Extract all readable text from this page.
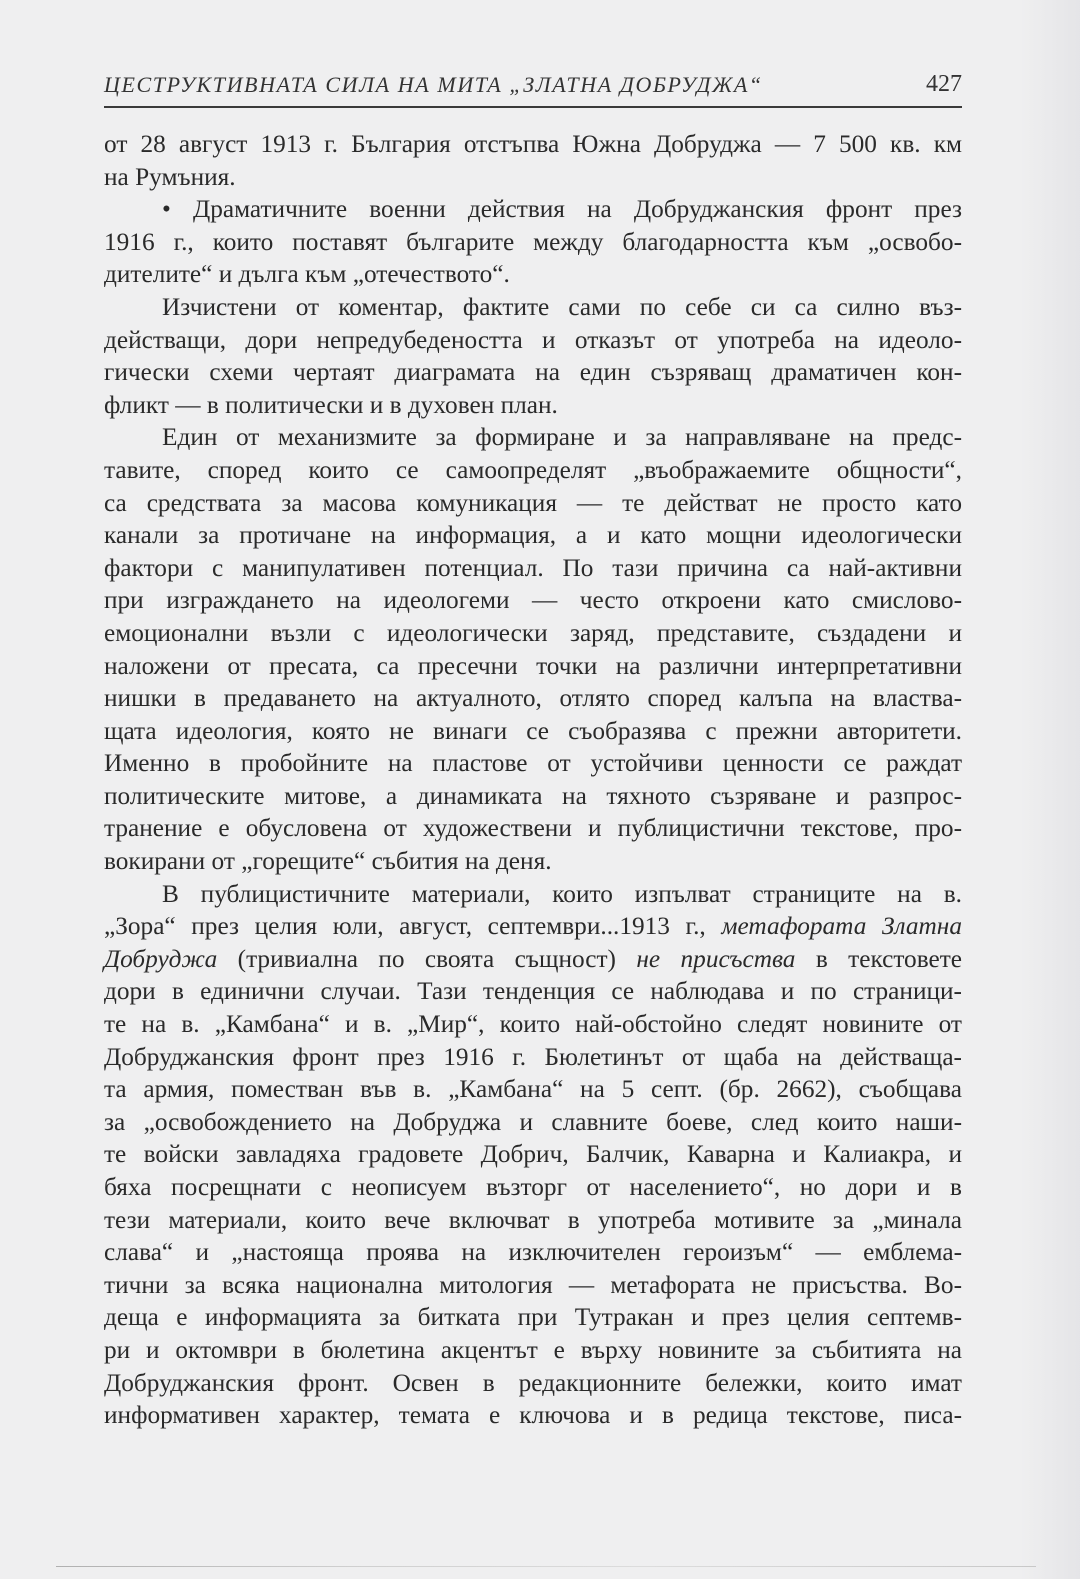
ЦЕСТРУКТИВНАТА СИЛА НА МИТА „ЗЛАТНА ДОБРУДЖА“	427
от 28 август 1913 г. България отстъпва Южна Добруджа — 7 500 кв. км
на Румъния.
• Драматичните военни действия на Добруджанския фронт през
1916 г., които поставят българите между благодарността към „освобо-
дителите“ и дълга към „отечеството“.
Изчистени от коментар, фактите сами по себе си са силно въз-
действащи, дори непредубедеността и отказът от употреба на идеоло-
гически схеми чертаят диаграмата на един съзряващ драматичен кон-
фликт — в политически и в духовен план.
Един от механизмите за формиране и за направляване на предс-
тавите, според които се самоопределят „въображаемите общности“,
са средствата за масова комуникация — те действат не просто като
канали за протичане на информация, а и като мощни идеологически
фактори с манипулативен потенциал. По тази причина са най-активни
при изграждането на идеологеми — често откроени като смислово-
емоционални възли с идеологически заряд, представите, създадени и
наложени от пресата, са пресечни точки на различни интерпретативни
нишки в предаването на актуалното, отлято според калъпа на властва-
щата идеология, която не винаги се съобразява с прежни авторитети.
Именно в пробойните на пластове от устойчиви ценности се раждат
политическите митове, а динамиката на тяхното съзряване и разпрос-
транение е обусловена от художествени и публицистични текстове, про-
вокирани от „горещите“ събития на деня.
В публицистичните материали, които изпълват страниците на в.
„Зора“ през целия юли, август, септември...1913 г., метафората Златна
Добруджа (тривиална по своята същност) не присъства в текстовете
дори в единични случаи. Тази тенденция се наблюдава и по страници-
те на в. „Камбана“ и в. „Мир“, които най-обстойно следят новините от
Добруджанския фронт през 1916 г. Бюлетинът от щаба на действаща-
та армия, поместван във в. „Камбана“ на 5 септ. (бр. 2662), съобщава
за „освобождението на Добруджа и славните боеве, след които наши-
те войски завладяха градовете Добрич, Балчик, Каварна и Калиакра, и
бяха посрещнати с неописуем възторг от населението“, но дори и в
тези материали, които вече включват в употреба мотивите за „минала
слава“ и „настояща проява на изключителен героизъм“ — емблема-
тични за всяка национална митология — метафората не присъства. Во-
деща е информацията за битката при Тутракан и през целия септемв-
ри и октомври в бюлетина акцентът е върху новините за събитията на
Добруджанския фронт. Освен в редакционните бележки, които имат
информативен характер, темата е ключова и в редица текстове, писа-
